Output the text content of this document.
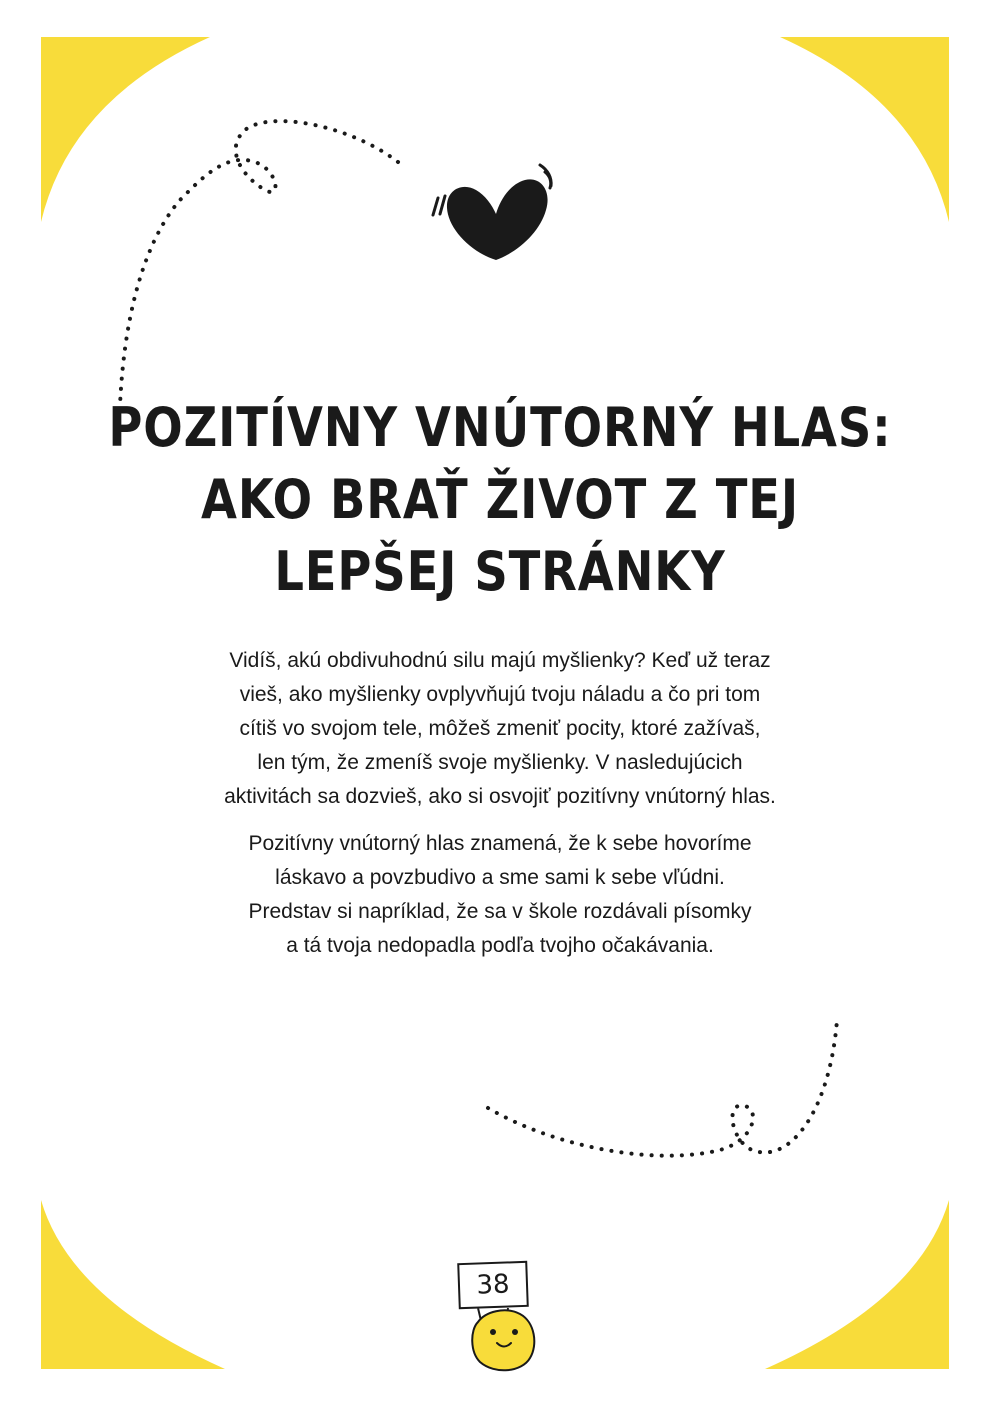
POZITÍVNY VNÚTORNÝ HLAS:
AKO BRAŤ ŽIVOT Z TEJ
LEPŠEJ STRÁNKY
Vidíš, akú obdivuhodnú silu majú myšlienky? Keď už teraz
vieš, ako myšlienky ovplyvňujú tvoju náladu a čo pri tom
cítiš vo svojom tele, môžeš zmeniť pocity, ktoré zažívaš,
len tým, že zmeníš svoje myšlienky. V nasledujúcich
aktivitách sa dozvieš, ako si osvojiť pozitívny vnútorný hlas.
Pozitívny vnútorný hlas znamená, že k sebe hovoríme
láskavo a povzbudivo a sme sami k sebe vľúdni.
Predstav si napríklad, že sa v škole rozdávali písomky
a tá tvoja nedopadla podľa tvojho očakávania.
38
